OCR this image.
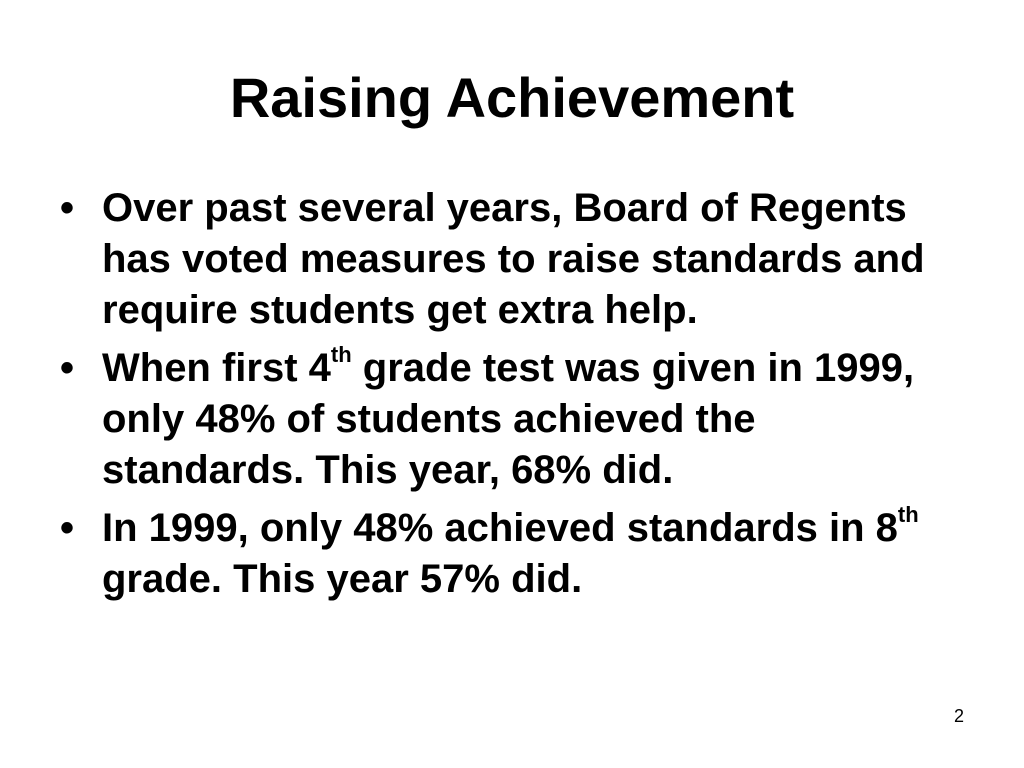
Raising Achievement
• Over past several years, Board of Regents has voted measures to raise standards and require students get extra help.
• When first 4th grade test was given in 1999, only 48% of students achieved the standards. This year, 68% did.
• In 1999, only 48% achieved standards in 8th grade. This year 57% did.
2
